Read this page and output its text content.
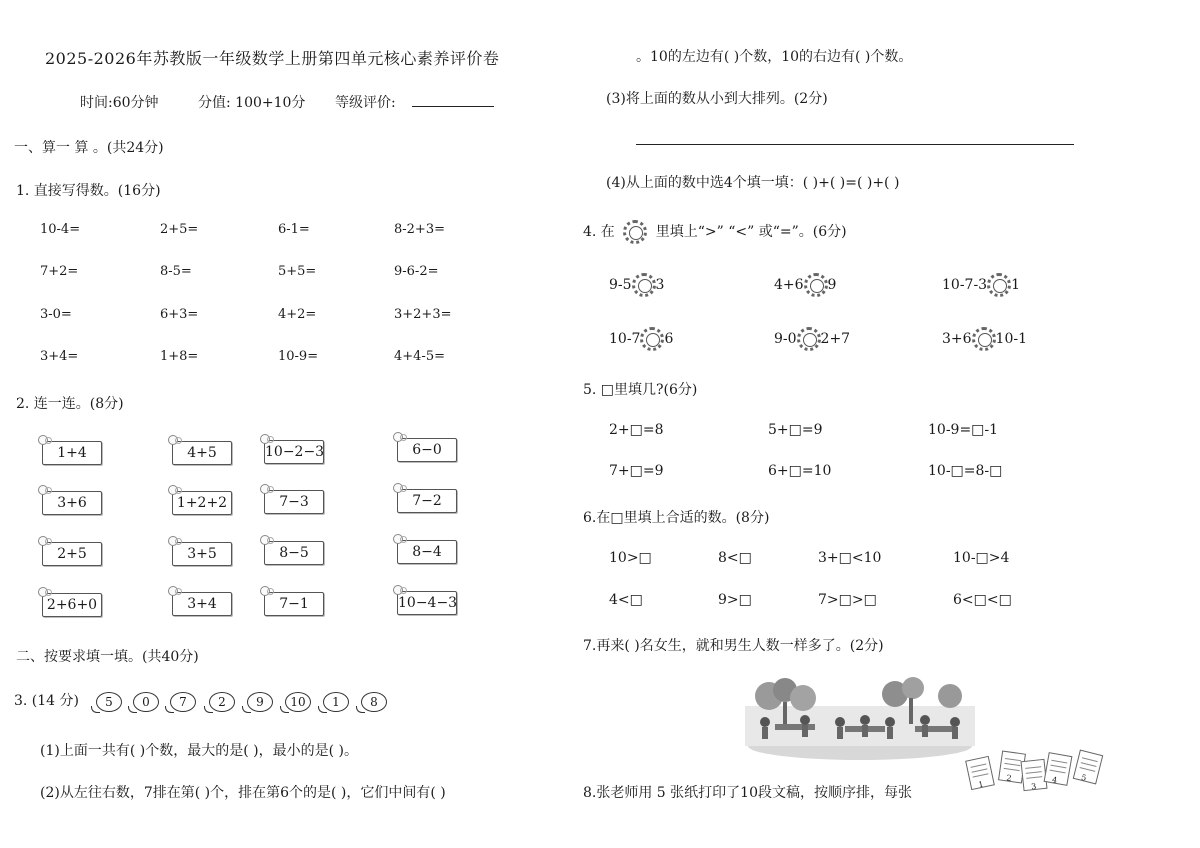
2025-2026年苏教版一年级数学上册第四单元核心素养评价卷
时间:60分钟	分值: 100+10分 等级评价:
一、算一 算 。(共24分)
1. 直接写得数。(16分)
10-4=	2+5=	6-1=	8-2+3=
7+2=	8-5=	5+5=	9-6-2=
3-0=	6+3=	4+2=	3+2+3=
3+4=	1+8=	10-9=	4+4-5=
2. 连一连。(8分)
1+4	4+5	10−2−3	6−0
3+6	1+2+2	7−3	7−2
2+5	3+5	8−5	8−4
2+6+0	3+4	7−1	10−4−3
二、按要求填一填。(共40分)
3. (14 分)	5	0	7	2	9	10	1	8
(1)上面一共有( )个数，最大的是( )，最小的是( )。
(2)从左往右数，7排在第( )个，排在第6个的是( )，它们中间有( )
。10的左边有( )个数，10的右边有( )个数。
(3)将上面的数从小到大排列。(2分)
(4)从上面的数中选4个填一填：( )+( )=( )+( )
4. 在	里填上“>” “<” 或“=”。(6分)
9-5 3	4+6 9	10-7-3 1
10-7 6	9-0 2+7	3+6 10-1
5. □里填几?(6分)
2+□=8	5+□=9	10-9=□-1
7+□=9	6+□=10	10-□=8-□
6.在□里填上合适的数。(8分)
10>□	8<□	3+□<10	10-□>4
4<□	9>□	7>□>□	6<□<□
7.再来( )名女生，就和男生人数一样多了。(2分)
1
2
3
4	5
8.张老师用 5 张纸打印了10段文稿，按顺序排，每张
